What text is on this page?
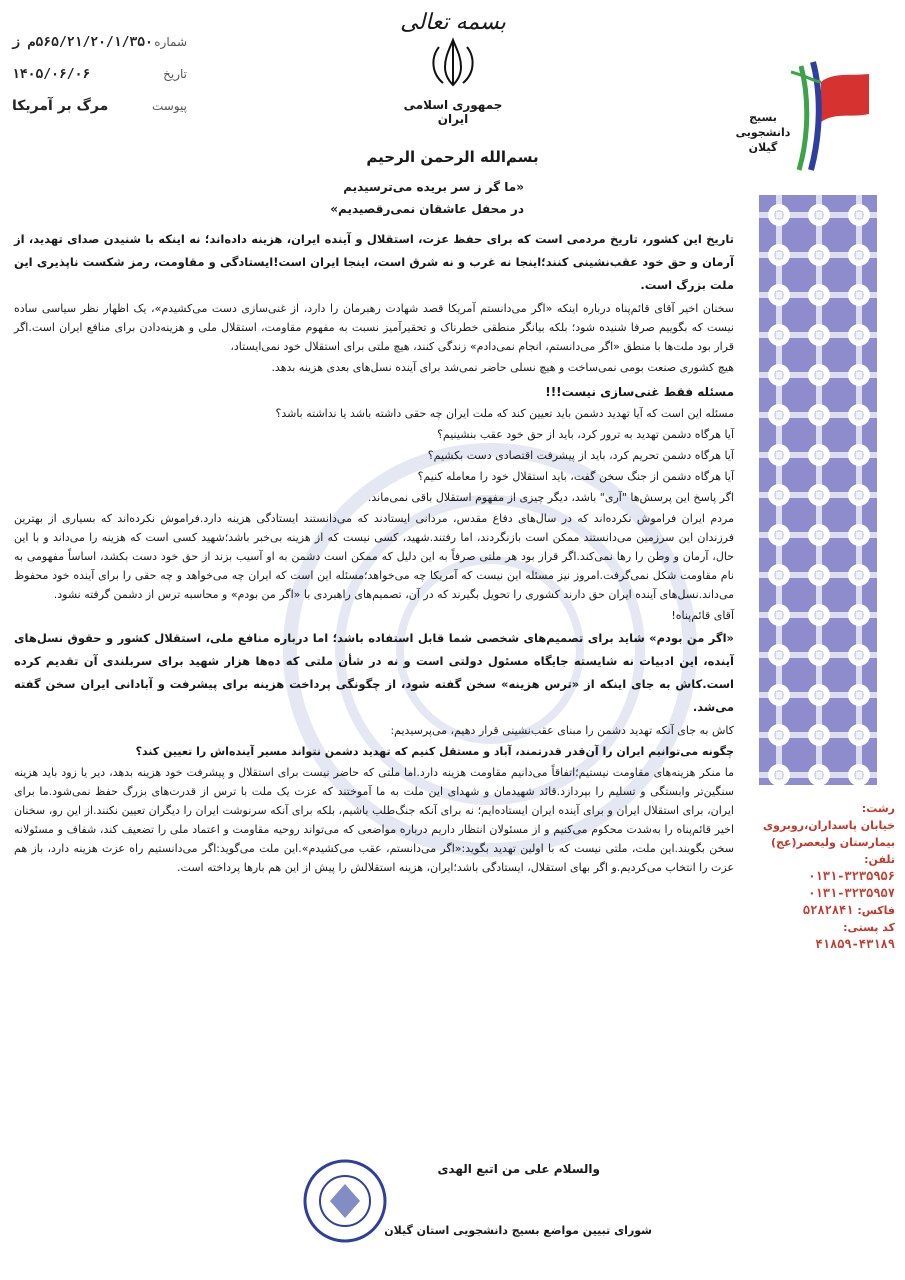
شماره
۵۶۵/۲۱/۲۰/۱/۳۵۰م ز
تاریخ
۱۴۰۵/۰۶/۰۶
پیوست
مرگ بر آمریکا
بسمه تعالی
جمهوری اسلامی ایران
بسم‌الله الرحمن الرحیم
بسیج
دانشجویی
گیلان
«ما گر ز سر بریده می‌ترسیدیم
در محفل عاشقان نمی‌رقصیدیم»

تاریخ این کشور، تاریخ مردمی است که برای حفظ عزت، استقلال و آینده ایران، هزینه داده‌اند؛ نه اینکه با شنیدن صدای تهدید، از آرمان و حق خود عقب‌نشینی کنند؛اینجا نه غرب و نه شرق است، اینجا ایران است!ایستادگی و مقاومت، رمز شکست ناپذیری این ملت بزرگ است.

سخنان اخیر آقای قائم‌پناه درباره اینکه «اگر می‌دانستم آمریکا قصد شهادت رهبرمان را دارد، از غنی‌سازی دست می‌کشیدم»، یک اظهار نظر سیاسی ساده نیست که بگوییم صرفا شنیده شود؛ بلکه بیانگر منطقی خطرناک و تحقیرآمیز نسبت به مفهوم مقاومت، استقلال ملی و هزینه‌دادن برای منافع ایران است.اگر قرار بود ملت‌ها با منطق «اگر می‌دانستم، انجام نمی‌دادم» زندگی کنند، هیچ ملتی برای استقلال خود نمی‌ایستاد،

هیچ کشوری صنعت بومی نمی‌ساخت و هیچ نسلی حاضر نمی‌شد برای آینده نسل‌های بعدی هزینه بدهد.

مسئله فقط غنی‌سازی نیست!!!

مسئله این است که آیا تهدید دشمن باید تعیین کند که ملت ایران چه حقی داشته باشد یا نداشته باشد؟

آیا هرگاه دشمن تهدید به ترور کرد، باید از حق خود عقب بنشینیم؟

آیا هرگاه دشمن تحریم کرد، باید از پیشرفت اقتصادی دست بکشیم؟

آیا هرگاه دشمن از جنگ سخن گفت، باید استقلال خود را معامله کنیم؟

اگر پاسخ این پرسش‌ها "آری" باشد، دیگر چیزی از مفهوم استقلال باقی نمی‌ماند.

مردم ایران فراموش نکرده‌اند که در سال‌های دفاع مقدس، مردانی ایستادند که می‌دانستند ایستادگی هزینه دارد.فراموش نکرده‌اند که بسیاری از بهترین فرزندان این سرزمین می‌دانستند ممکن است بازنگردند، اما رفتند.شهید، کسی نیست که از هزینه بی‌خبر باشد؛شهید کسی است که هزینه را می‌داند و با این حال، آرمان و وطن را رها نمی‌کند.اگر قرار بود هر ملتی صرفاً به این دلیل که ممکن است دشمن به او آسیب بزند از حق خود دست بکشد، اساساً مفهومی به نام مقاومت شکل نمی‌گرفت.امروز نیز مسئله این نیست که آمریکا چه می‌خواهد؛مسئله این است که ایران چه می‌خواهد و چه حقی را برای آینده خود محفوظ می‌داند.نسل‌های آینده ایران حق دارند کشوری را تحویل بگیرند که در آن، تصمیم‌های راهبردی با «اگر من بودم» و محاسبه ترس از دشمن گرفته نشود.

آقای قائم‌پناه!

«اگر من بودم» شاید برای تصمیم‌های شخصی شما قابل استفاده باشد؛ اما درباره منافع ملی، استقلال کشور و حقوق نسل‌های آینده، این ادبیات نه شایسته جایگاه مسئول دولتی است و نه در شأن ملتی که ده‌ها هزار شهید برای سربلندی آن تقدیم کرده است.کاش به جای اینکه از «ترس هزینه» سخن گفته شود، از چگونگی پرداخت هزینه برای پیشرفت و آبادانی ایران سخن گفته می‌شد.

کاش به جای آنکه تهدید دشمن را مبنای عقب‌نشینی قرار دهیم، می‌پرسیدیم:

چگونه می‌توانیم ایران را آن‌قدر قدرتمند، آباد و مستقل کنیم که تهدید دشمن نتواند مسیر آینده‌اش را تعیین کند؟

ما منکر هزینه‌های مقاومت نیستیم؛اتفاقاً می‌دانیم مقاومت هزینه دارد.اما ملتی که حاضر نیست برای استقلال و پیشرفت خود هزینه بدهد، دیر یا زود باید هزینه سنگین‌تر وابستگی و تسلیم را بپردازد.قائد شهیدمان و شهدای این ملت به ما آموختند که عزت یک ملت با ترس از قدرت‌های بزرگ حفظ نمی‌شود.ما برای ایران، برای استقلال ایران و برای آینده ایران ایستاده‌ایم؛ نه برای آنکه جنگ‌طلب باشیم، بلکه برای آنکه سرنوشت ایران را دیگران تعیین نکنند.از این رو، سخنان اخیر قائم‌پناه را به‌شدت محکوم می‌کنیم و از مسئولان انتظار داریم درباره مواضعی که می‌تواند روحیه مقاومت و اعتماد ملی را تضعیف کند، شفاف و مسئولانه سخن بگویند.این ملت، ملتی نیست که با اولین تهدید بگوید:«اگر می‌دانستم، عقب می‌کشیدم».این ملت می‌گوید:اگر می‌دانستیم راه عزت هزینه دارد، باز هم عزت را انتخاب می‌کردیم.و اگر بهای استقلال، ایستادگی باشد؛ایران، هزینه استقلالش را پیش از این هم بارها پرداخته است.

رشت:
خیابان پاسداران،روبروی
بیمارستان ولیعصر(عج)
تلفن:
۰۱۳۱-۳۲۳۵۹۵۶
۰۱۳۱-۳۲۳۵۹۵۷
فاکس: ۵۲۸۲۸۴۱
کد پستی:
۴۱۸۵۹-۴۳۱۸۹
والسلام علی من اتبع الهدی
شورای تبیین مواضع بسیج دانشجویی استان گیلان
